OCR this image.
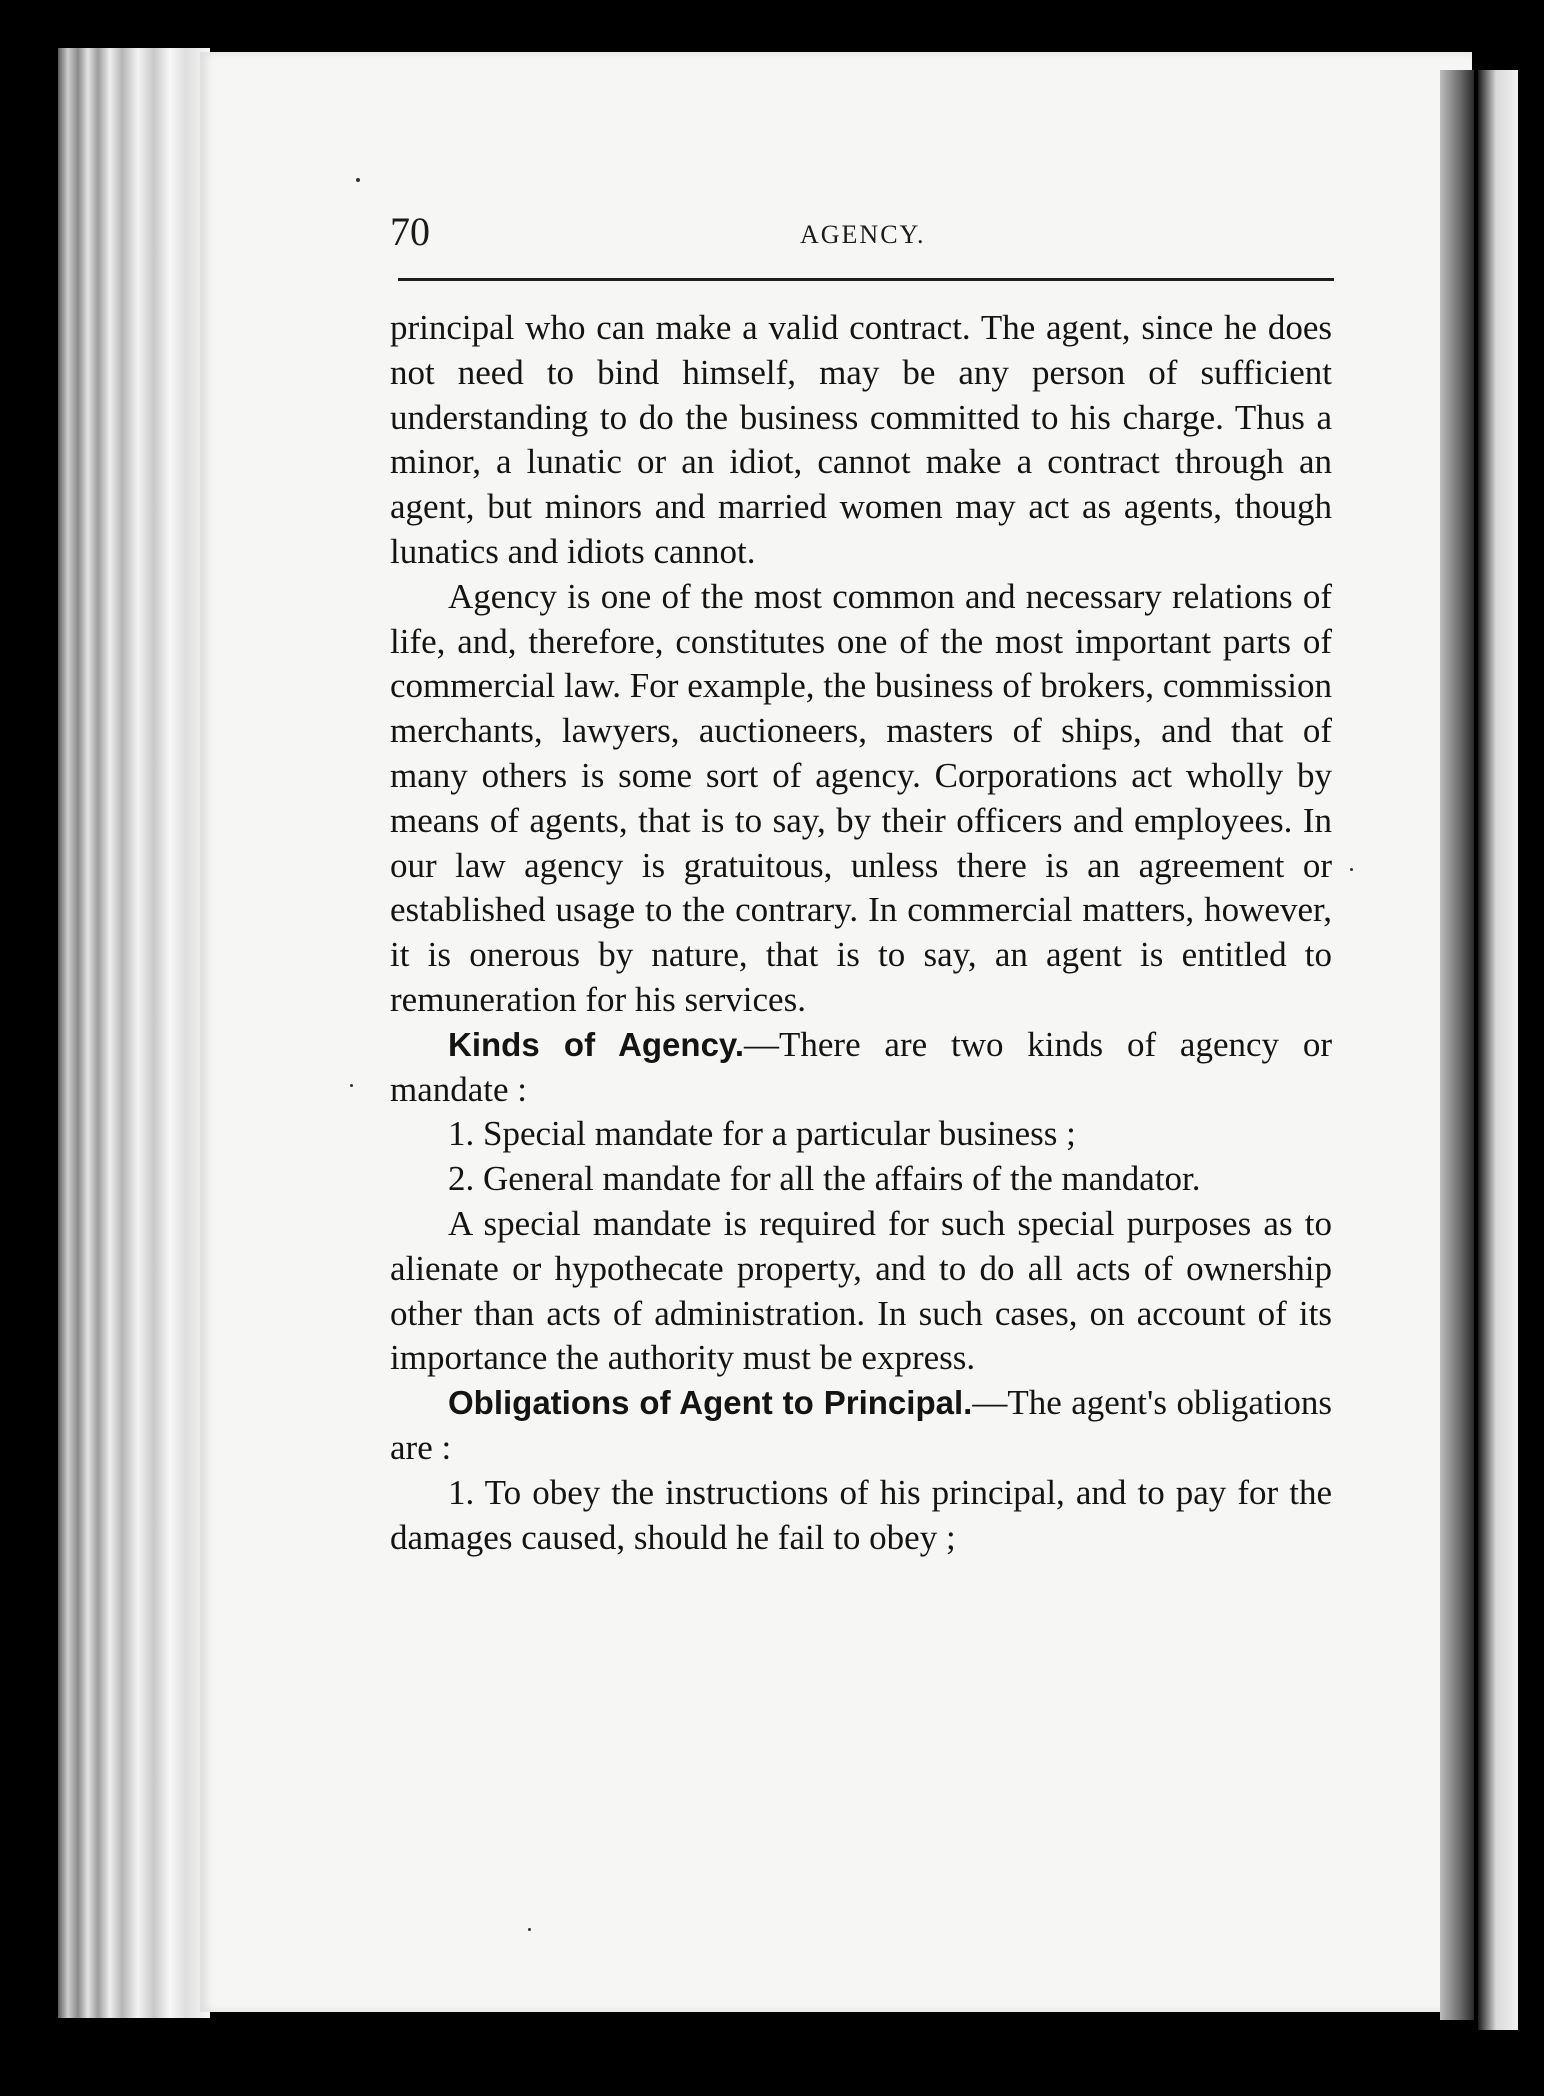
70	AGENCY.

principal who can make a valid contract. The agent, since he does not need to bind himself, may be any person of sufficient understanding to do the business committed to his charge. Thus a minor, a lunatic or an idiot, cannot make a contract through an agent, but minors and married women may act as agents, though lunatics and idiots cannot.

Agency is one of the most common and necessary relations of life, and, therefore, constitutes one of the most important parts of commercial law. For example, the business of brokers, commission merchants, lawyers, auctioneers, masters of ships, and that of many others is some sort of agency. Corporations act wholly by means of agents, that is to say, by their officers and employees. In our law agency is gratuitous, unless there is an agreement or established usage to the contrary. In commercial matters, however, it is onerous by nature, that is to say, an agent is entitled to remuneration for his services.

Kinds of Agency.—There are two kinds of agency or mandate :

1. Special mandate for a particular business ;

2. General mandate for all the affairs of the mandator.

A special mandate is required for such special purposes as to alienate or hypothecate property, and to do all acts of ownership other than acts of administration. In such cases, on account of its importance the authority must be express.

Obligations of Agent to Principal.—The agent's obligations are :

1. To obey the instructions of his principal, and to pay for the damages caused, should he fail to obey ;
